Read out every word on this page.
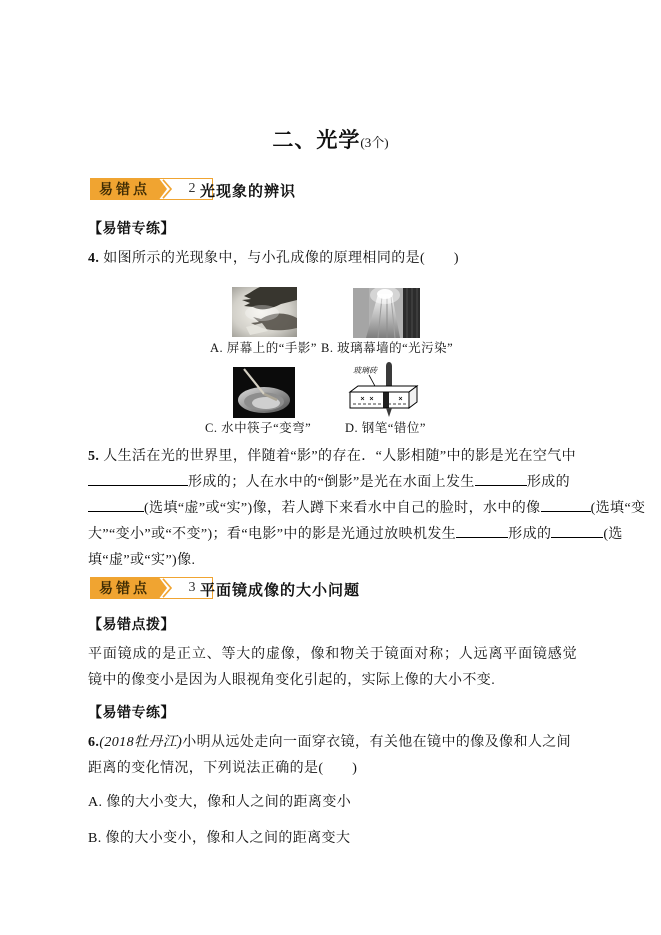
二、光学(3个)
易错点	2 光现象的辨识
【易错专练】
4. 如图所示的光现象中，与小孔成像的原理相同的是(　　)
A. 屏幕上的“手影” B. 玻璃幕墙的“光污染”
玻璃砖
C. 水中筷子“变弯”	D. 钢笔“错位”
5. 人生活在光的世界里，伴随着“影”的存在．“人影相随”中的影是光在空气中
形成的；人在水中的“倒影”是光在水面上发生	形成的
(选填“虚”或“实”)像，若人蹲下来看水中自己的脸时，水中的像	(选填“变
大”“变小”或“不变”)；看“电影”中的影是光通过放映机发生	形成的	(选
填“虚”或“实”)像.
易错点	3 平面镜成像的大小问题
【易错点拨】
平面镜成的是正立、等大的虚像，像和物关于镜面对称；人远离平面镜感觉镜中的像变小是因为人眼视角变化引起的，实际上像的大小不变.
【易错专练】
6.(2018牡丹江)小明从远处走向一面穿衣镜，有关他在镜中的像及像和人之间距离的变化情况，下列说法正确的是(　　)
A. 像的大小变大，像和人之间的距离变小
B. 像的大小变小，像和人之间的距离变大
